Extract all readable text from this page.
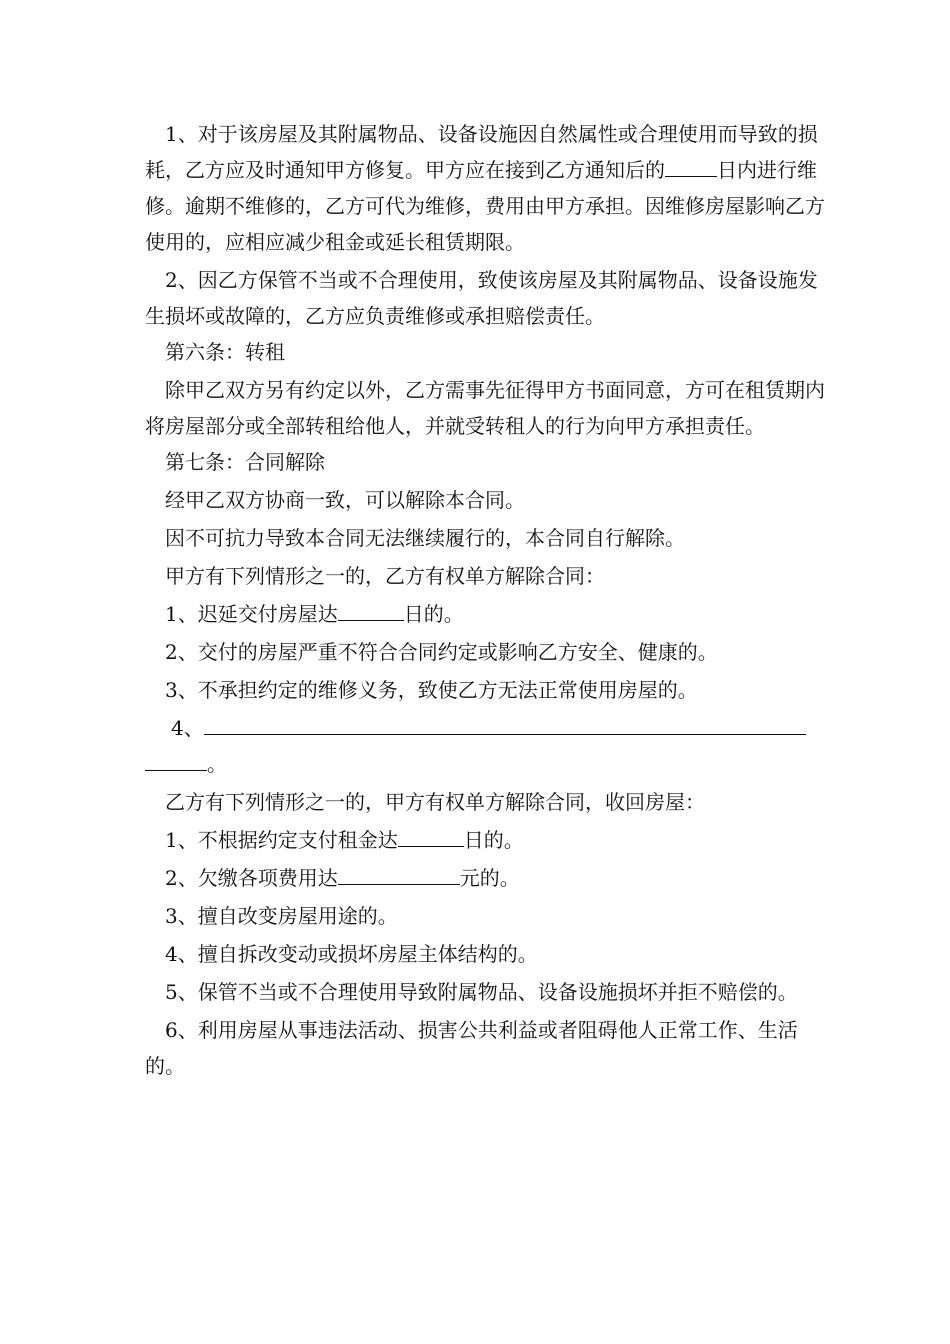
1、对于该房屋及其附属物品、设备设施因自然属性或合理使用而导致的损耗，乙方应及时通知甲方修复。甲方应在接到乙方通知后的	日内进行维修。逾期不维修的，乙方可代为维修，费用由甲方承担。因维修房屋影响乙方使用的，应相应减少租金或延长租赁期限。

2、因乙方保管不当或不合理使用，致使该房屋及其附属物品、设备设施发生损坏或故障的，乙方应负责维修或承担赔偿责任。

第六条：转租

除甲乙双方另有约定以外，乙方需事先征得甲方书面同意，方可在租赁期内将房屋部分或全部转租给他人，并就受转租人的行为向甲方承担责任。

第七条：合同解除

经甲乙双方协商一致，可以解除本合同。

因不可抗力导致本合同无法继续履行的，本合同自行解除。

甲方有下列情形之一的，乙方有权单方解除合同：

1、迟延交付房屋达	日的。

2、交付的房屋严重不符合合同约定或影响乙方安全、健康的。

3、不承担约定的维修义务，致使乙方无法正常使用房屋的。

4、

。

乙方有下列情形之一的，甲方有权单方解除合同，收回房屋：

1、不根据约定支付租金达	日的。

2、欠缴各项费用达	元的。

3、擅自改变房屋用途的。

4、擅自拆改变动或损坏房屋主体结构的。

5、保管不当或不合理使用导致附属物品、设备设施损坏并拒不赔偿的。

6、利用房屋从事违法活动、损害公共利益或者阻碍他人正常工作、生活的。
